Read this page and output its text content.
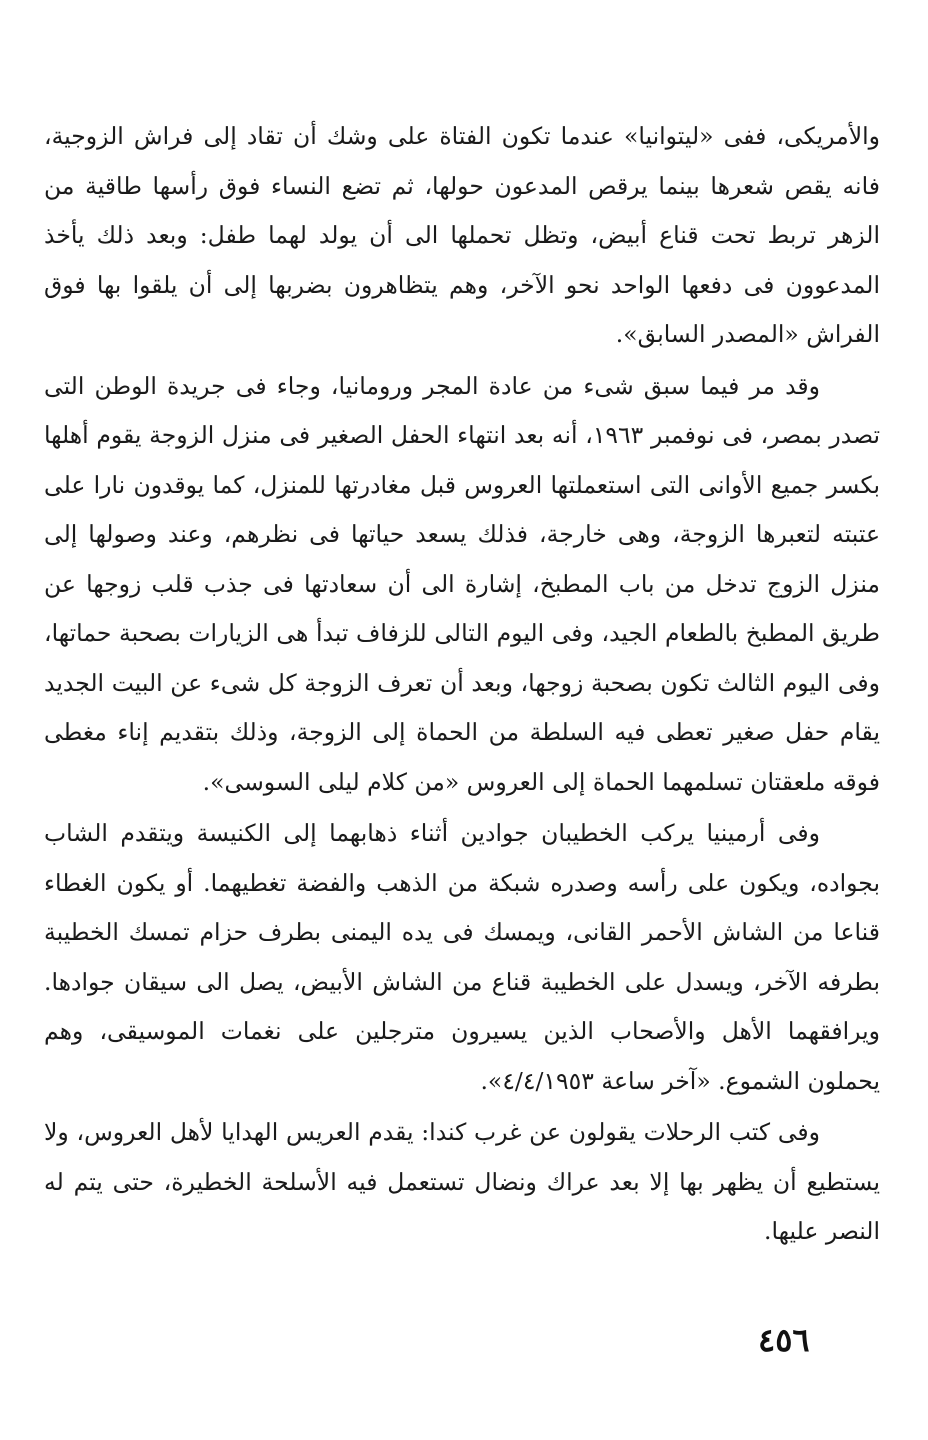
والأمريكى، ففى «ليتوانيا» عندما تكون الفتاة على وشك أن تقاد إلى فراش الزوجية، فانه يقص شعرها بينما يرقص المدعون حولها، ثم تضع النساء فوق رأسها طاقية من الزهر تربط تحت قناع أبيض، وتظل تحملها الى أن يولد لهما طفل: وبعد ذلك يأخذ المدعوون فى دفعها الواحد نحو الآخر، وهم يتظاهرون بضربها إلى أن يلقوا بها فوق الفراش «المصدر السابق».

وقد مر فيما سبق شىء من عادة المجر ورومانيا، وجاء فى جريدة الوطن التى تصدر بمصر، فى نوفمبر ١٩٦٣، أنه بعد انتهاء الحفل الصغير فى منزل الزوجة يقوم أهلها بكسر جميع الأوانى التى استعملتها العروس قبل مغادرتها للمنزل، كما يوقدون نارا على عتبته لتعبرها الزوجة، وهى خارجة، فذلك يسعد حياتها فى نظرهم، وعند وصولها إلى منزل الزوج تدخل من باب المطبخ، إشارة الى أن سعادتها فى جذب قلب زوجها عن طريق المطبخ بالطعام الجيد، وفى اليوم التالى للزفاف تبدأ هى الزيارات بصحبة حماتها، وفى اليوم الثالث تكون بصحبة زوجها، وبعد أن تعرف الزوجة كل شىء عن البيت الجديد يقام حفل صغير تعطى فيه السلطة من الحماة إلى الزوجة، وذلك بتقديم إناء مغطى فوقه ملعقتان تسلمهما الحماة إلى العروس «من كلام ليلى السوسى».

وفى أرمينيا يركب الخطيبان جوادين أثناء ذهابهما إلى الكنيسة ويتقدم الشاب بجواده، ويكون على رأسه وصدره شبكة من الذهب والفضة تغطيهما. أو يكون الغطاء قناعا من الشاش الأحمر القانى، ويمسك فى يده اليمنى بطرف حزام تمسك الخطيبة بطرفه الآخر، ويسدل على الخطيبة قناع من الشاش الأبيض، يصل الى سيقان جوادها. ويرافقهما الأهل والأصحاب الذين يسيرون مترجلين على نغمات الموسيقى، وهم يحملون الشموع. «آخر ساعة ٤/٤/١٩٥٣».

وفى كتب الرحلات يقولون عن غرب كندا: يقدم العريس الهدايا لأهل العروس، ولا يستطيع أن يظهر بها إلا بعد عراك ونضال تستعمل فيه الأسلحة الخطيرة، حتى يتم له النصر عليها.

٤٥٦
